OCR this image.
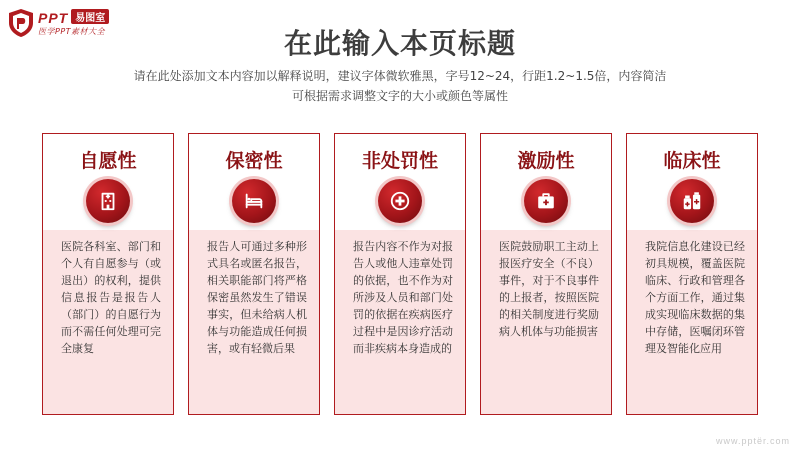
PPT 易图室
医学PPT素材大全	在此输入本页标题
请在此处添加文本内容加以解释说明，建议字体微软雅黑，字号12~24，行距1.2~1.5倍，内容简洁
可根据需求调整文字的大小或颜色等属性
自愿性
医院各科室、部门和个人有自愿参与（或退出）的权利，提供信息报告是报告人（部门）的自愿行为而不需任何处理可完全康复
保密性
报告人可通过多种形式具名或匿名报告，相关职能部门将严格保密虽然发生了错误事实，但未给病人机体与功能造成任何损害，或有轻微后果
非处罚性
报告内容不作为对报告人或他人违章处罚的依据，也不作为对所涉及人员和部门处罚的依据在疾病医疗过程中是因诊疗活动而非疾病本身造成的
激励性
医院鼓励职工主动上报医疗安全（不良）事件，对于不良事件的上报者，按照医院的相关制度进行奖励病人机体与功能损害
临床性
我院信息化建设已经初具规模，覆盖医院临床、行政和管理各个方面工作，通过集成实现临床数据的集中存储，医嘱闭环管理及智能化应用
www.pptër.com
